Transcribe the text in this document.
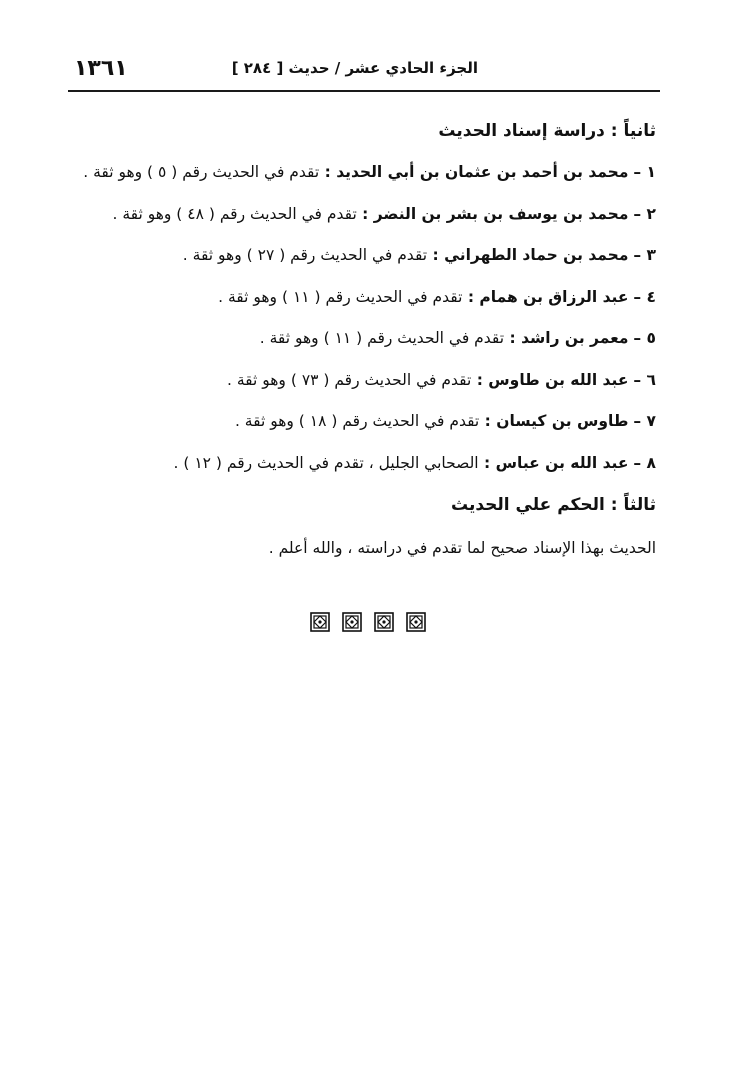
١٣٦١	الجزء الحادي عشر / حديث [ ٢٨٤ ]
ثانياً : دراسة إسناد الحديث
١ – محمد بن أحمد بن عثمان بن أبي الحديد : تقدم في الحديث رقم ( ٥ ) وهو ثقة .
٢ – محمد بن يوسف بن بشر بن النضر : تقدم في الحديث رقم ( ٤٨ ) وهو ثقة .
٣ – محمد بن حماد الطهراني : تقدم في الحديث رقم ( ٢٧ ) وهو ثقة .
٤ – عبد الرزاق بن همام : تقدم في الحديث رقم ( ١١ ) وهو ثقة .
٥ – معمر بن راشد : تقدم في الحديث رقم ( ١١ ) وهو ثقة .
٦ – عبد الله بن طاوس : تقدم في الحديث رقم ( ٧٣ ) وهو ثقة .
٧ – طاوس بن كيسان : تقدم في الحديث رقم ( ١٨ ) وهو ثقة .
٨ – عبد الله بن عباس : الصحابي الجليل ، تقدم في الحديث رقم ( ١٢ ) .
ثالثاً : الحكم علي الحديث
الحديث بهذا الإسناد صحيح لما تقدم في دراسته ، والله أعلم .
